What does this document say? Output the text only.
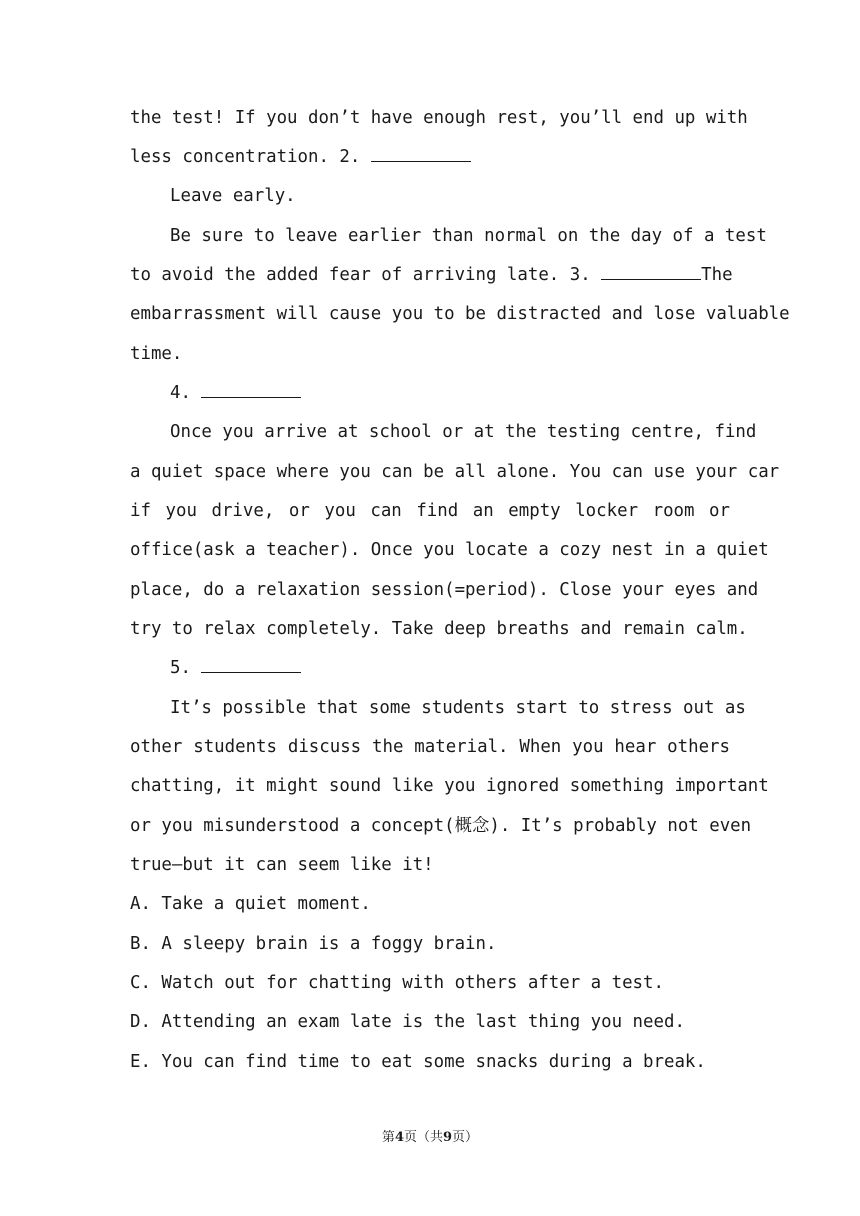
the test! If you don’t have enough rest, you’ll end up with
less concentration. 2.
Leave early.
Be sure to leave earlier than normal on the day of a test
to avoid the added fear of arriving late. 3.	The
embarrassment will cause you to be distracted and lose valuable
time.
4.
Once you arrive at school or at the testing centre, find
a quiet space where you can be all alone. You can use your car
if you drive, or you can find an empty locker room or
office(ask a teacher). Once you locate a cozy nest in a quiet
place, do a relaxation session(=period). Close your eyes and
try to relax completely. Take deep breaths and remain calm.
5.
It’s possible that some students start to stress out as
other students discuss the material. When you hear others
chatting, it might sound like you ignored something important
or you misunderstood a concept(概念). It’s probably not even
true—but it can seem like it!
A. Take a quiet moment.
B. A sleepy brain is a foggy brain.
C. Watch out for chatting with others after a test.
D. Attending an exam late is the last thing you need.
E. You can find time to eat some snacks during a break.
第4页（共9页）
